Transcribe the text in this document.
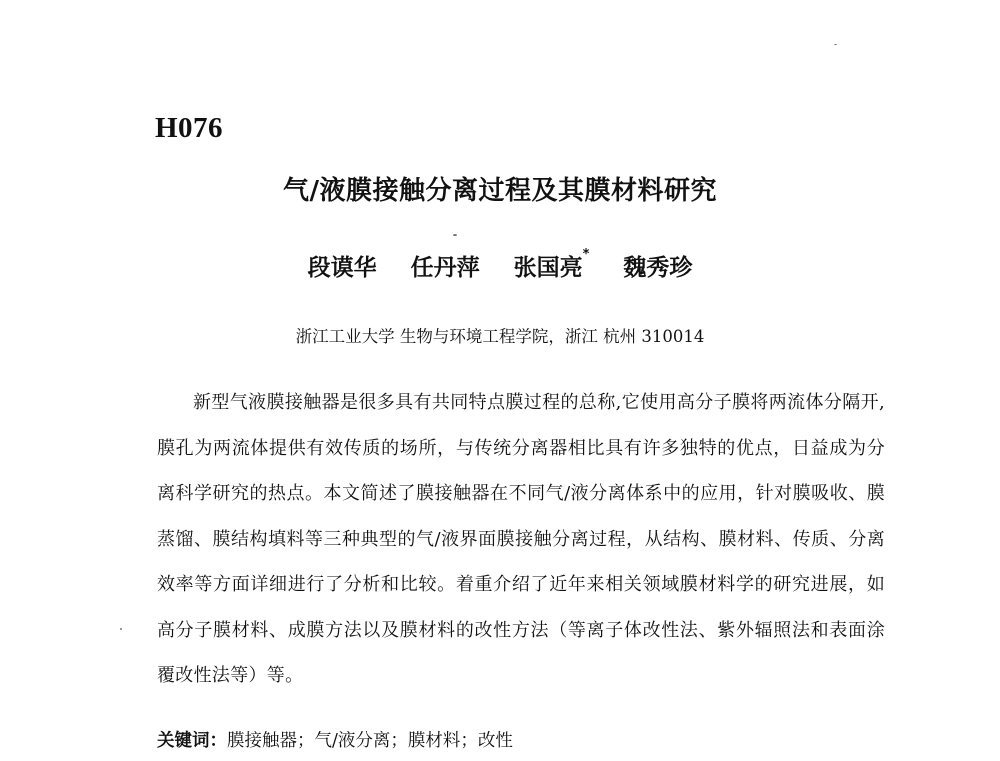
H076
气/液膜接触分离过程及其膜材料研究
段谟华 任丹萍 张国亮* 魏秀珍
浙江工业大学 生物与环境工程学院，浙江 杭州 310014
新型气液膜接触器是很多具有共同特点膜过程的总称,它使用高分子膜将两流体分隔开,膜孔为两流体提供有效传质的场所，与传统分离器相比具有许多独特的优点，日益成为分离科学研究的热点。本文简述了膜接触器在不同气/液分离体系中的应用，针对膜吸收、膜蒸馏、膜结构填料等三种典型的气/液界面膜接触分离过程，从结构、膜材料、传质、分离效率等方面详细进行了分析和比较。着重介绍了近年来相关领域膜材料学的研究进展，如高分子膜材料、成膜方法以及膜材料的改性方法（等离子体改性法、紫外辐照法和表面涂覆改性法等）等。
关键词：膜接触器；气/液分离；膜材料；改性
